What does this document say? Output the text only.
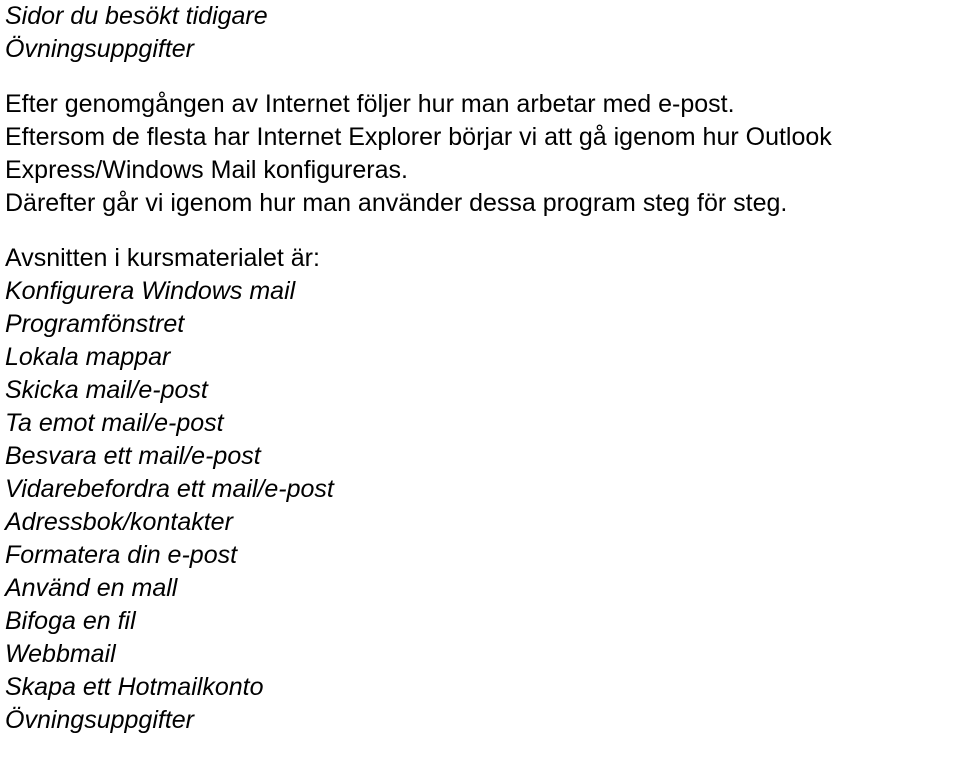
Sidor du besökt tidigare
Övningsuppgifter
Efter genomgången av Internet följer hur man arbetar med e-post.
Eftersom de flesta har Internet Explorer börjar vi att gå igenom hur Outlook
Express/Windows Mail konfigureras.
Därefter går vi igenom hur man använder dessa program steg för steg.
Avsnitten i kursmaterialet är:
Konfigurera Windows mail
Programfönstret
Lokala mappar
Skicka mail/e-post
Ta emot mail/e-post
Besvara ett mail/e-post
Vidarebefordra ett mail/e-post
Adressbok/kontakter
Formatera din e-post
Använd en mall
Bifoga en fil
Webbmail
Skapa ett Hotmailkonto
Övningsuppgifter
